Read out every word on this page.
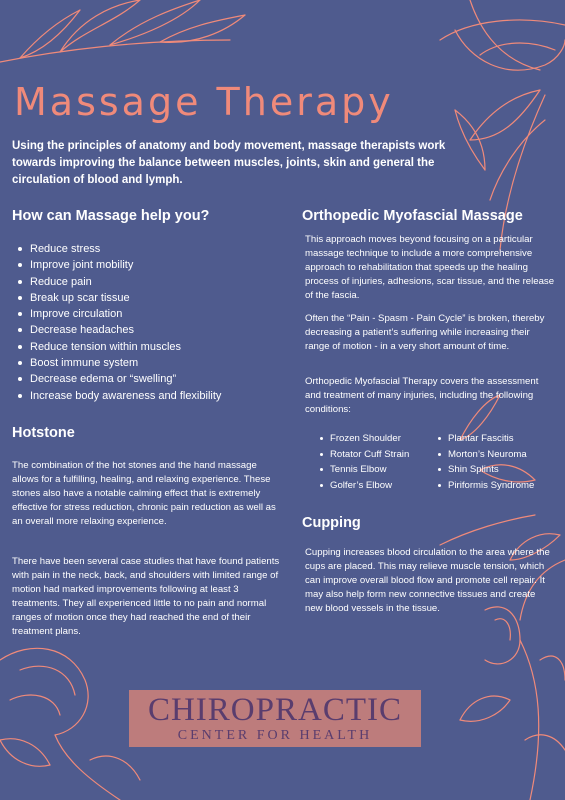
Massage Therapy

Using the principles of anatomy and body movement, massage therapists work towards improving the balance between muscles, joints, skin and general the circulation of blood and lymph.

How can Massage help you?
Reduce stress
Improve joint mobility
Reduce pain
Break up scar tissue
Improve circulation
Decrease headaches
Reduce tension within muscles
Boost immune system
Decrease edema or “swelling”
Increase body awareness and flexibility
Hotstone

The combination of the hot stones and the hand massage allows for a fulfilling, healing, and relaxing experience. These stones also have a notable calming effect that is extremely effective for stress reduction, chronic pain reduction as well as an overall more relaxing experience.

There have been several case studies that have found patients with pain in the neck, back, and shoulders with limited range of motion had marked improvements following at least 3 treatments. They all experienced little to no pain and normal ranges of motion once they had reached the end of their treatment plans.

Orthopedic Myofascial Massage

This approach moves beyond focusing on a particular massage technique to include a more comprehensive approach to rehabilitation that speeds up the healing process of injuries, adhesions, scar tissue, and the release of the fascia.

Often the “Pain - Spasm - Pain Cycle” is broken, thereby decreasing a patient’s suffering while increasing their range of motion - in a very short amount of time.

Orthopedic Myofascial Therapy covers the assessment and treatment of many injuries, including the following conditions:

Frozen Shoulder
Rotator Cuff Strain
Tennis Elbow
Golfer’s Elbow
Plantar Fascitis
Morton’s Neuroma
Shin Splints
Piriformis Syndrome
Cupping

Cupping increases blood circulation to the area where the cups are placed. This may relieve muscle tension, which can improve overall blood flow and promote cell repair. It may also help form new connective tissues and create new blood vessels in the tissue.

CHIROPRACTIC
CENTER FOR HEALTH
